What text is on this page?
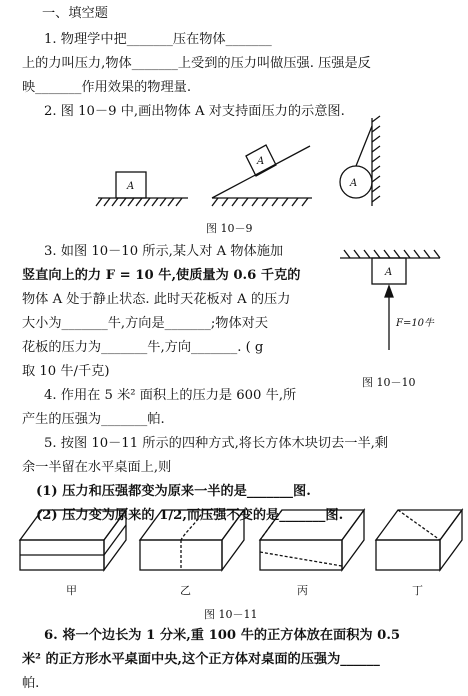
一、填空题
1. 物理学中把_______压在物体_______
上的力叫压力,物体_______上受到的压力叫做压强. 压强是反
映_______作用效果的物理量.
2. 图 10－9 中,画出物体 A 对支持面压力的示意图.
A
A
A
A
F=10牛
图 10－9
3. 如图 10－10 所示,某人对 A 物体施加
竖直向上的力 F = 10 牛,使质量为 0.6 千克的
物体 A 处于静止状态. 此时天花板对 A 的压力
大小为_______牛,方向是_______;物体对天
花板的压力为_______牛,方向_______. ( g
取 10 牛/千克)
图 10－10
4. 作用在 5 米² 面积上的压力是 600 牛,所
产生的压强为_______帕.
5. 按图 10－11 所示的四种方式,将长方体木块切去一半,剩
余一半留在水平桌面上,则
(1) 压力和压强都变为原来一半的是_______图.
(2) 压力变为原来的 1/2,而压强不变的是_______图.
甲	乙	丙	丁
图 10－11
6. 将一个边长为 1 分米,重 100 牛的正方体放在面积为 0.5
米² 的正方形水平桌面中央,这个正方体对桌面的压强为______
帕.
